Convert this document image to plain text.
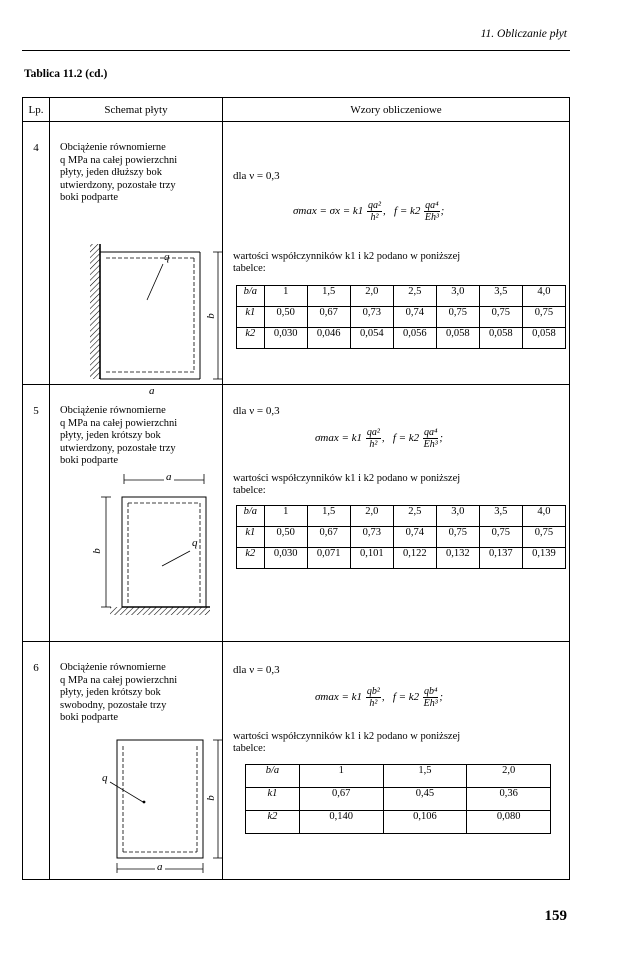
11. Obliczanie płyt
Tablica 11.2 (cd.)
Lp.	Schemat płyty	Wzory obliczeniowe
4	Obciążenie równomierne
q MPa na całej powierzchni
płyty, jeden dłuższy bok
utwierdzony, pozostałe trzy
boki podparte
q
b
a

dla ν = 0,3
$\sigma\max = \sigma x = k1 \frac{\text{qa²}}{\text{h²}}$ ,   $f = k2 \frac{\text{qa⁴}}{\text{Eh³}}$ ;
wartości współczynników k1 i k2 podano w poniższej
tabelce:
b/a	1	1,5	2,0	2,5	3,0	3,5	4,0
k1	0,50	0,67	0,73	0,74	0,75	0,75	0,75
k2	0,030	0,046	0,054	0,056	0,058	0,058	0,058

5	Obciążenie równomierne
q MPa na całej powierzchni
płyty, jeden krótszy bok
utwierdzony, pozostałe trzy
boki podparte
a
b
q

dla ν = 0,3
$\sigma\max = k1 \frac{\text{qa²}}{\text{h²}}$ ,   $f = k2 \frac{\text{qa⁴}}{\text{Eh³}}$ ;
wartości współczynników k1 i k2 podano w poniższej
tabelce:
b/a	1	1,5	2,0	2,5	3,0	3,5	4,0
k1	0,50	0,67	0,73	0,74	0,75	0,75	0,75
k2	0,030	0,071	0,101	0,122	0,132	0,137	0,139

6	Obciążenie równomierne
q MPa na całej powierzchni
płyty, jeden krótszy bok
swobodny, pozostałe trzy
boki podparte
q
b
a

dla ν = 0,3
$\sigma\max = k1 \frac{\text{qb²}}{\text{h²}}$ ,   $f = k2 \frac{\text{qb⁴}}{\text{Eh³}}$ ;
wartości współczynników k1 i k2 podano w poniższej
tabelce:
b/a	1	1,5	2,0
k1	0,67	0,45	0,36
k2	0,140	0,106	0,080
159
